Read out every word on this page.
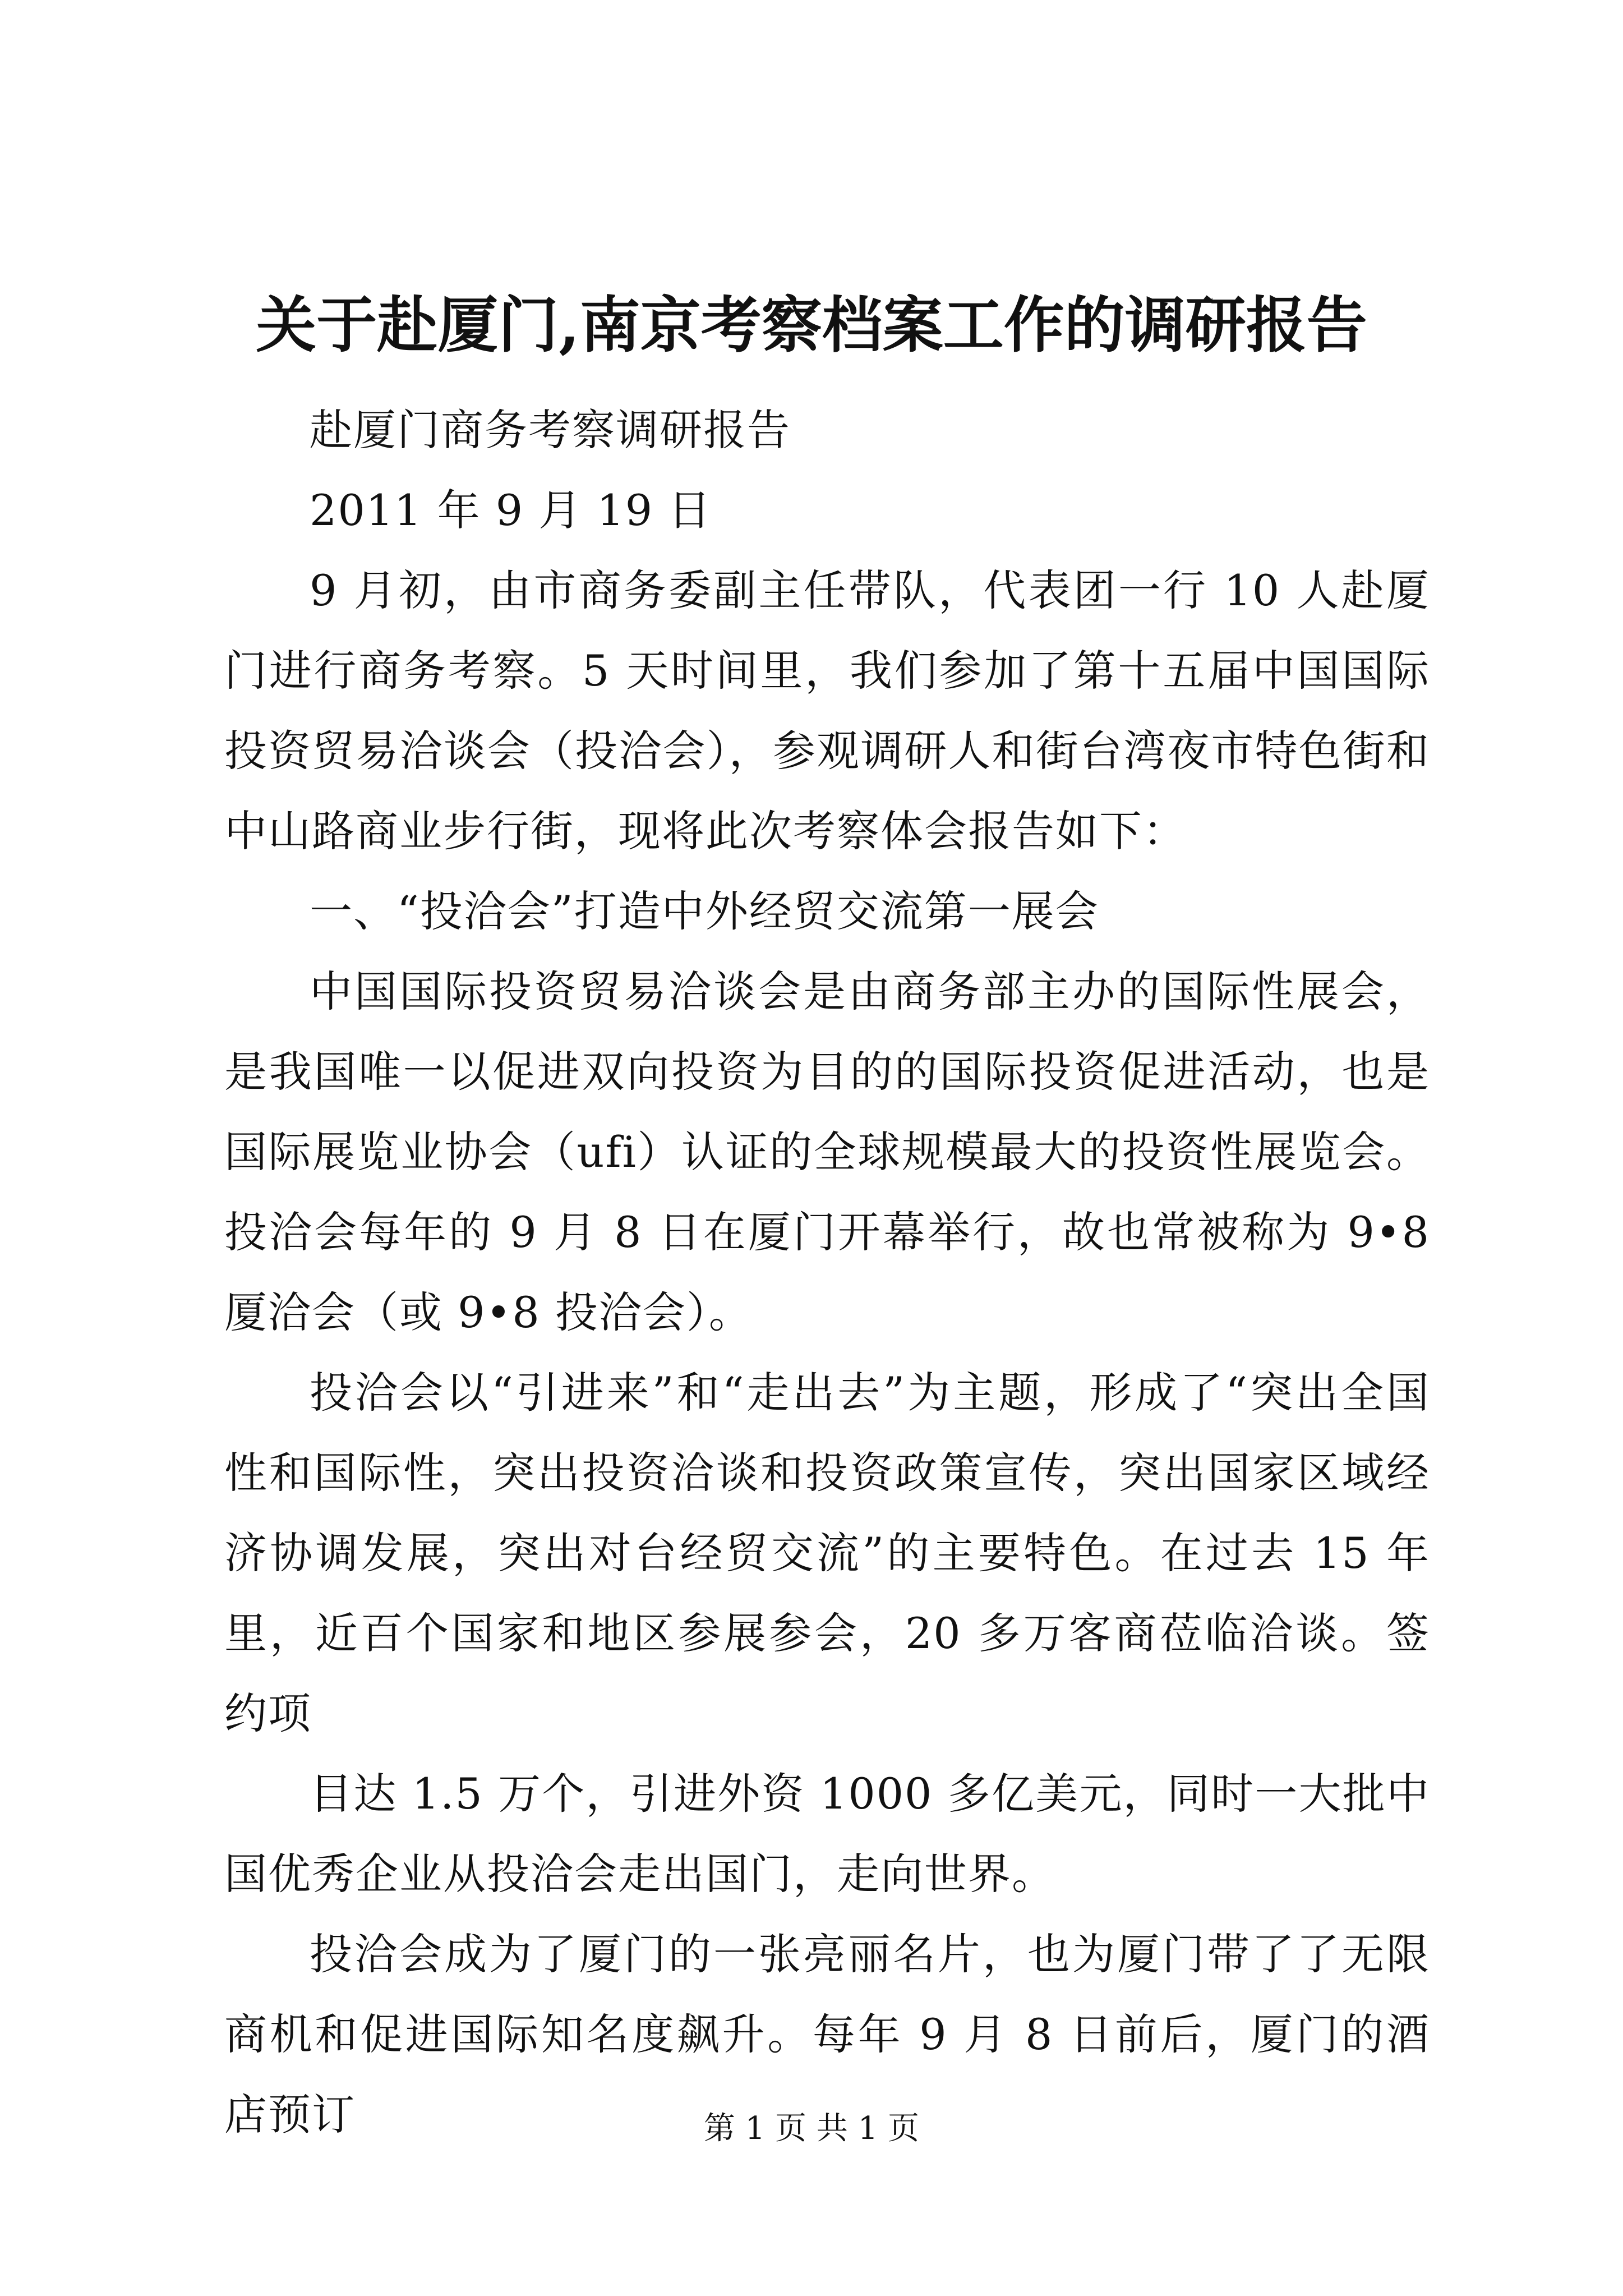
关于赴厦门,南京考察档案工作的调研报告

赴厦门商务考察调研报告

2011 年 9 月 19 日

9 月初，由市商务委副主任带队，代表团一行 10 人赴厦门进行商务考察。5 天时间里，我们参加了第十五届中国国际投资贸易洽谈会（投洽会），参观调研人和街台湾夜市特色街和中山路商业步行街，现将此次考察体会报告如下：

一、“投洽会”打造中外经贸交流第一展会

中国国际投资贸易洽谈会是由商务部主办的国际性展会，是我国唯一以促进双向投资为目的的国际投资促进活动，也是国际展览业协会（ufi）认证的全球规模最大的投资性展览会。投洽会每年的 9 月 8 日在厦门开幕举行，故也常被称为 9•8 厦洽会（或 9•8 投洽会）。

投洽会以“引进来”和“走出去”为主题，形成了“突出全国性和国际性，突出投资洽谈和投资政策宣传，突出国家区域经济协调发展，突出对台经贸交流”的主要特色。在过去 15 年里，近百个国家和地区参展参会，20 多万客商莅临洽谈。签约项

目达 1.5 万个，引进外资 1000 多亿美元，同时一大批中国优秀企业从投洽会走出国门，走向世界。

投洽会成为了厦门的一张亮丽名片，也为厦门带了了无限商机和促进国际知名度飙升。每年 9 月 8 日前后，厦门的酒店预订	第 1 页 共 1 页
